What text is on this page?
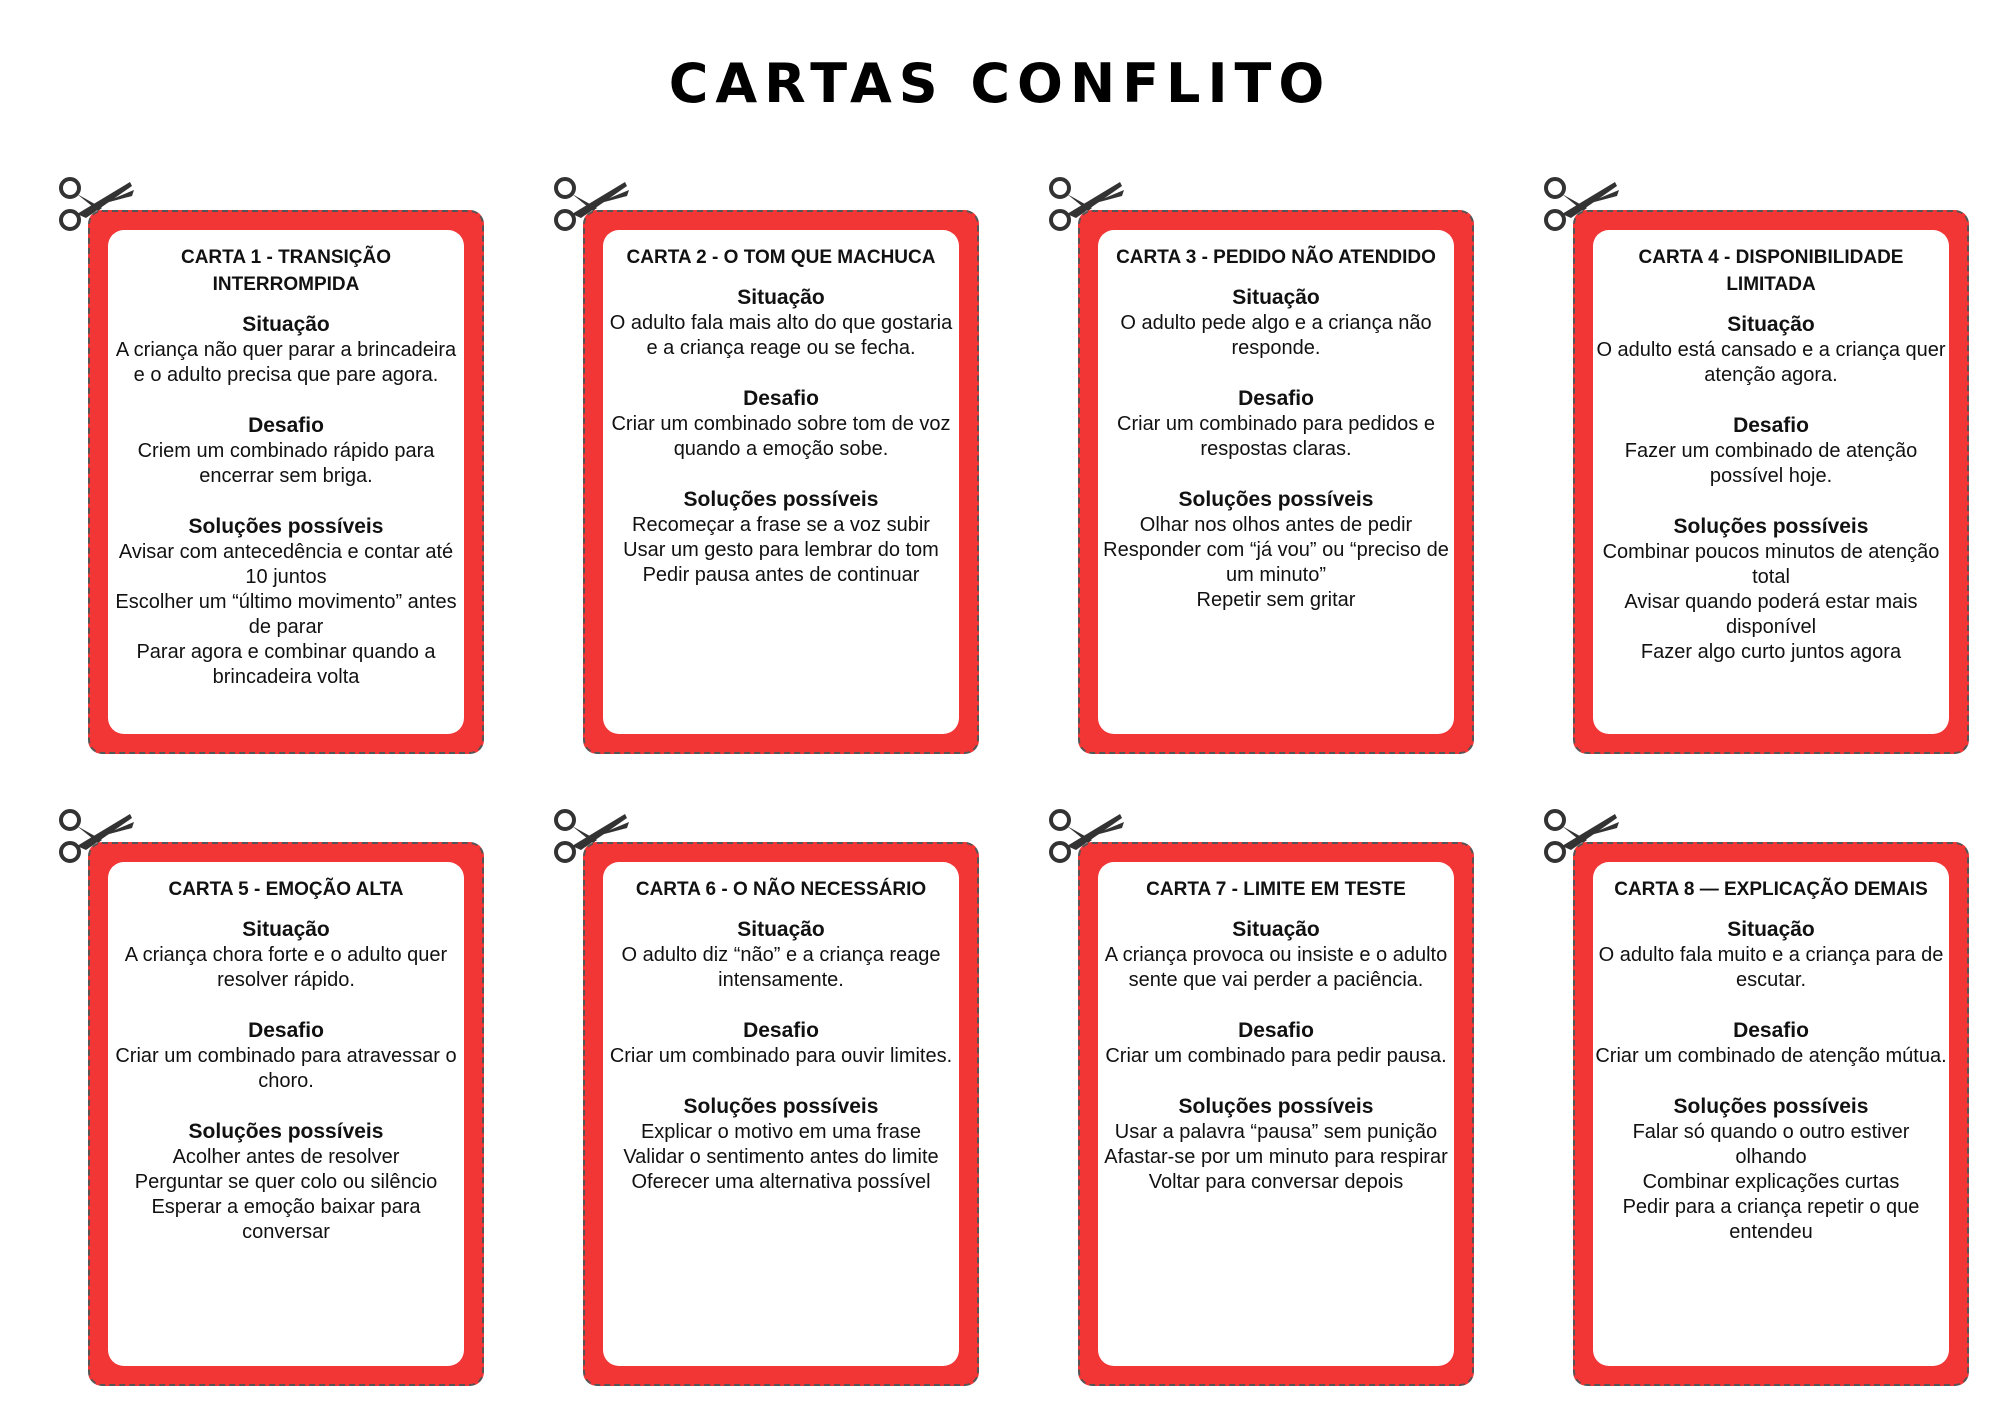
CARTAS CONFLITO
CARTA 1 - TRANSIÇÃO INTERROMPIDA
Situação
A criança não quer parar a brincadeira e o adulto precisa que pare agora.
Desafio
Criem um combinado rápido para encerrar sem briga.
Soluções possíveis
Avisar com antecedência e contar até 10 juntos
Escolher um “último movimento” antes de parar
Parar agora e combinar quando a brincadeira volta
CARTA 2 - O TOM QUE MACHUCA
Situação
O adulto fala mais alto do que gostaria e a criança reage ou se fecha.
Desafio
Criar um combinado sobre tom de voz quando a emoção sobe.
Soluções possíveis
Recomeçar a frase se a voz subir
Usar um gesto para lembrar do tom
Pedir pausa antes de continuar
CARTA 3 - PEDIDO NÃO ATENDIDO
Situação
O adulto pede algo e a criança não responde.
Desafio
Criar um combinado para pedidos e respostas claras.
Soluções possíveis
Olhar nos olhos antes de pedir
Responder com “já vou” ou “preciso de um minuto”
Repetir sem gritar
CARTA 4 - DISPONIBILIDADE LIMITADA
Situação
O adulto está cansado e a criança quer atenção agora.
Desafio
Fazer um combinado de atenção possível hoje.
Soluções possíveis
Combinar poucos minutos de atenção total
Avisar quando poderá estar mais disponível
Fazer algo curto juntos agora
CARTA 5 - EMOÇÃO ALTA
Situação
A criança chora forte e o adulto quer resolver rápido.
Desafio
Criar um combinado para atravessar o choro.
Soluções possíveis
Acolher antes de resolver
Perguntar se quer colo ou silêncio
Esperar a emoção baixar para conversar
CARTA 6 - O NÃO NECESSÁRIO
Situação
O adulto diz “não” e a criança reage intensamente.
Desafio
Criar um combinado para ouvir limites.
Soluções possíveis
Explicar o motivo em uma frase
Validar o sentimento antes do limite
Oferecer uma alternativa possível
CARTA 7 - LIMITE EM TESTE
Situação
A criança provoca ou insiste e o adulto sente que vai perder a paciência.
Desafio
Criar um combinado para pedir pausa.
Soluções possíveis
Usar a palavra “pausa” sem punição
Afastar-se por um minuto para respirar
Voltar para conversar depois
CARTA 8 — EXPLICAÇÃO DEMAIS
Situação
O adulto fala muito e a criança para de escutar.
Desafio
Criar um combinado de atenção mútua.
Soluções possíveis
Falar só quando o outro estiver olhando
Combinar explicações curtas
Pedir para a criança repetir o que entendeu
